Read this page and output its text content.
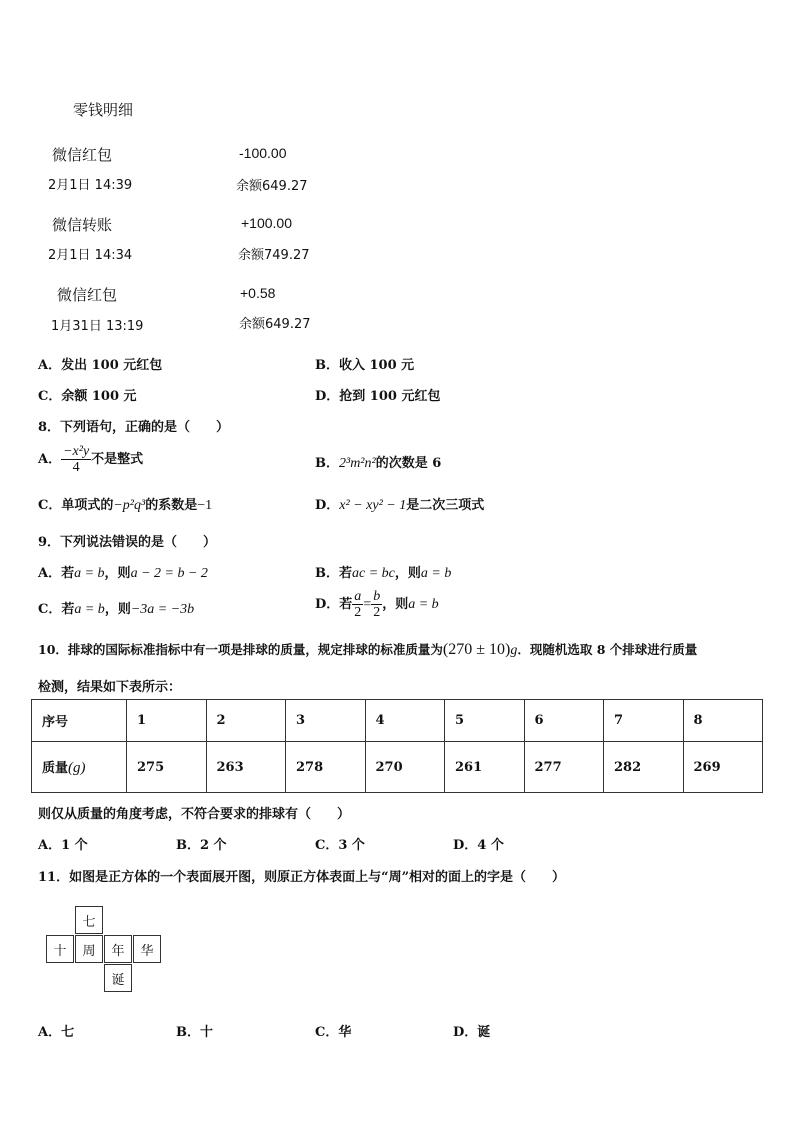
零钱明细
微信红包	-100.00
2月1日 14:39	余额649.27
微信转账	+100.00
2月1日 14:34	余额749.27
微信红包	+0.58
1月31日 13:19	余额649.27
A．发出 100 元红包	B．收入 100 元
C．余额 100 元	D．抢到 100 元红包
8．下列语句，正确的是（　　）
A． $\frac{\text{−x²y}}{4}$ 不是整式	B．2³m²n²的次数是 6
C．单项式的−p²q³的系数是−1	D．x² − xy² − 1是二次三项式
9．下列说法错误的是（　　）
A．若a = b，则a − 2 = b − 2	B．若ac = bc，则a = b
C．若a = b，则−3a = −3b	D．若 $\frac{a}{2} = \frac{b}{2}$ ，则a = b
10．排球的国际标准指标中有一项是排球的质量，规定排球的标准质量为(270 ± 10)g．现随机选取 8 个排球进行质量
检测，结果如下表所示：
序号	1	2	3	4	5	6	7	8
质量(g)	275	263	278	270	261	277	282	269
则仅从质量的角度考虑，不符合要求的排球有（　　）
A．1 个	B．2 个	C．3 个	D．4 个
11．如图是正方体的一个表面展开图，则原正方体表面上与“周”相对的面上的字是（　　）
七
十	周	年	华
诞
A．七	B．十	C．华	D．诞
